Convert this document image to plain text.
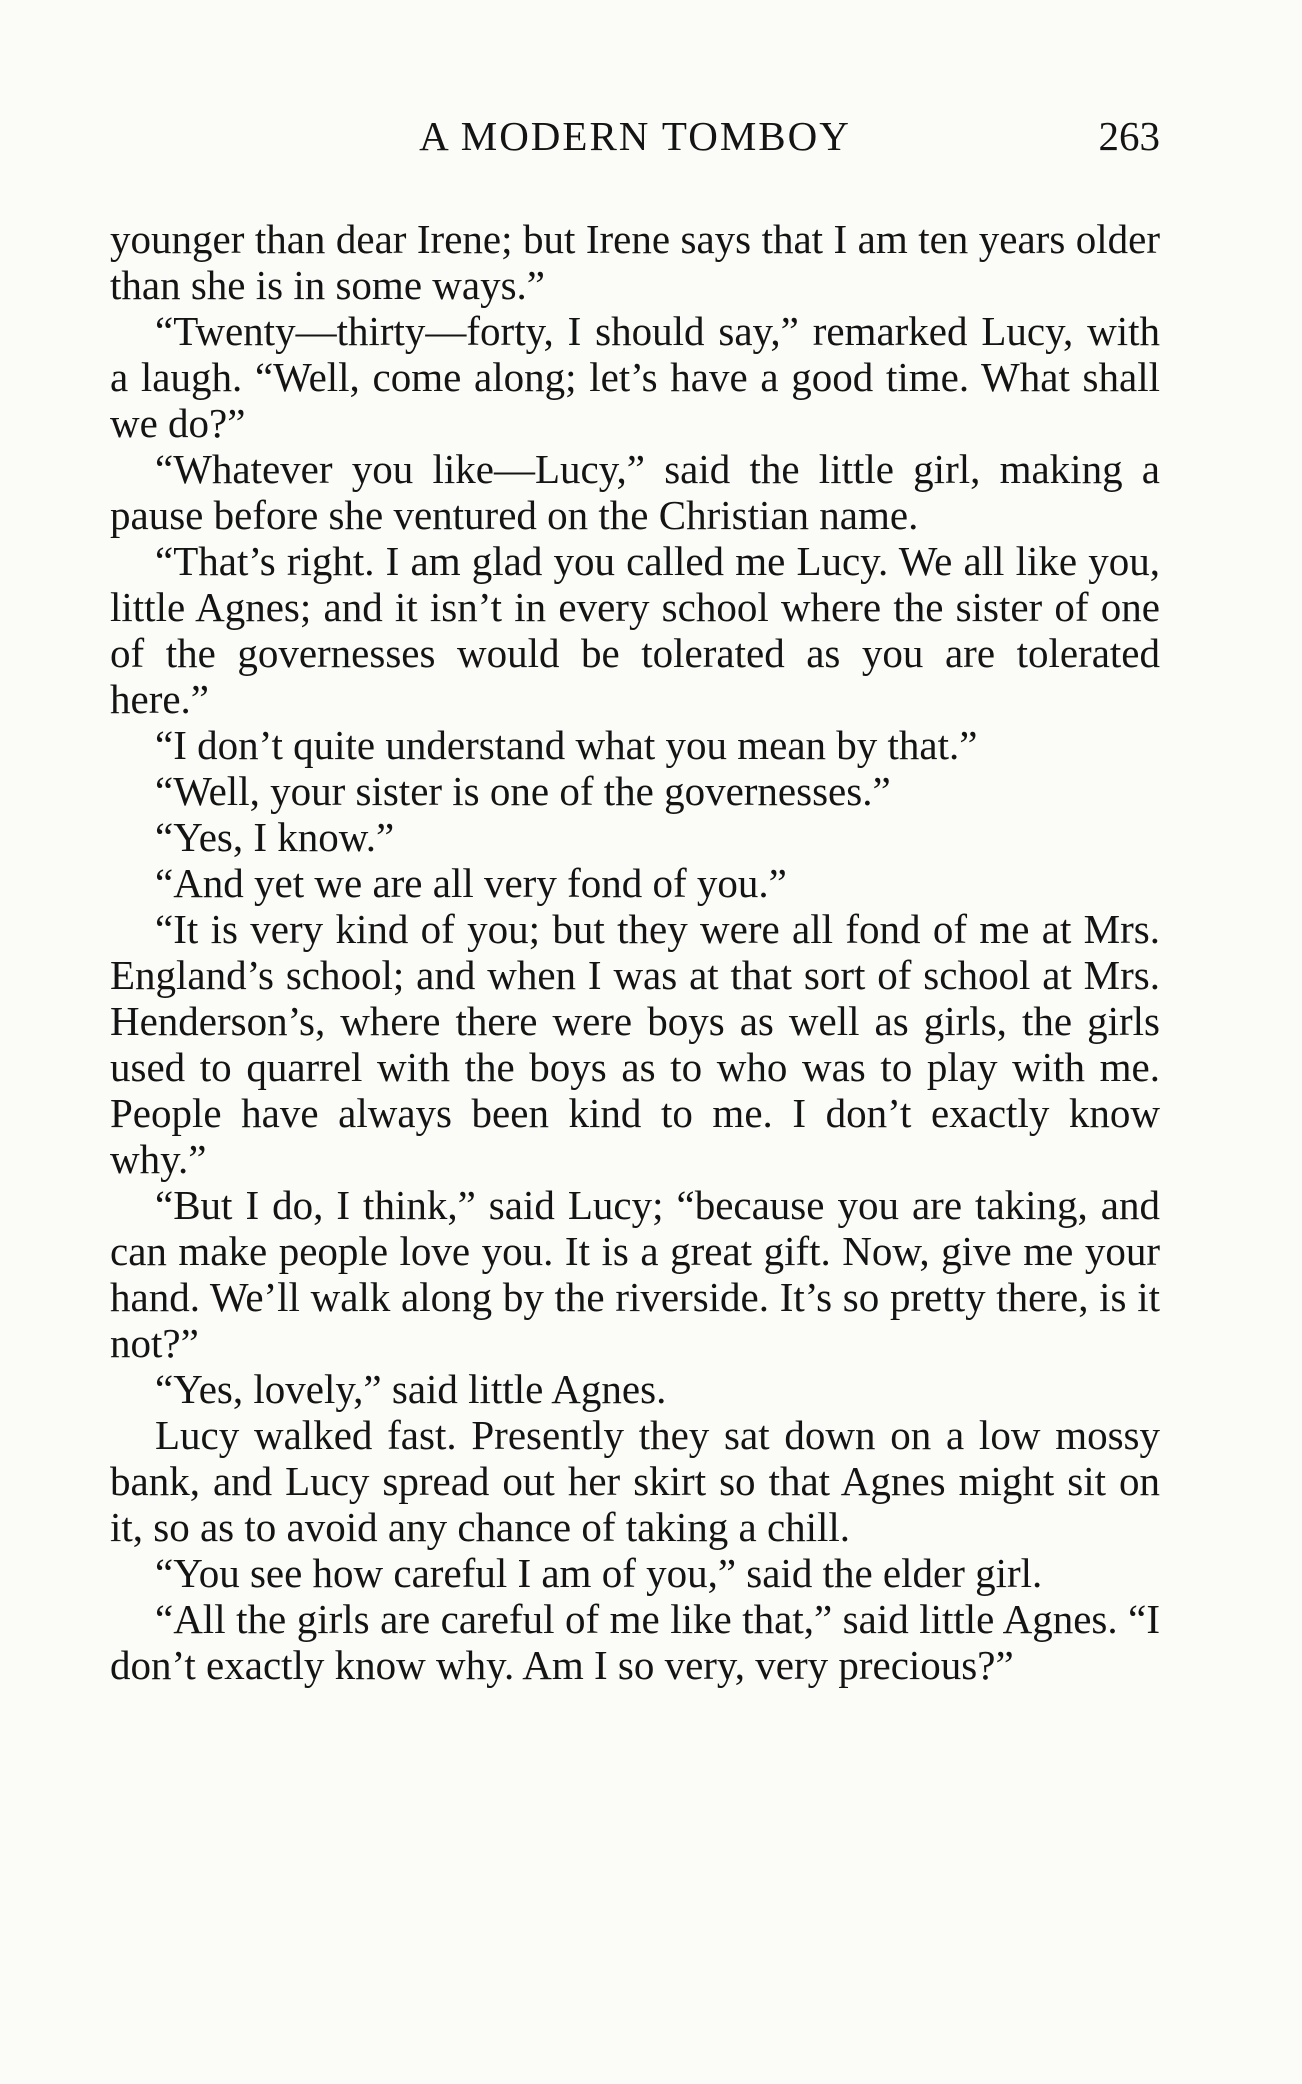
A MODERN TOMBOY	263

younger than dear Irene; but Irene says that I am ten years older than she is in some ways.”

“Twenty—thirty—forty, I should say,” remarked Lucy, with a laugh. “Well, come along; let’s have a good time. What shall we do?”

“Whatever you like—Lucy,” said the little girl, making a pause before she ventured on the Christian name.

“That’s right. I am glad you called me Lucy. We all like you, little Agnes; and it isn’t in every school where the sister of one of the governesses would be tolerated as you are tolerated here.”

“I don’t quite understand what you mean by that.”

“Well, your sister is one of the governesses.”

“Yes, I know.”

“And yet we are all very fond of you.”

“It is very kind of you; but they were all fond of me at Mrs. England’s school; and when I was at that sort of school at Mrs. Henderson’s, where there were boys as well as girls, the girls used to quarrel with the boys as to who was to play with me. People have always been kind to me. I don’t exactly know why.”

“But I do, I think,” said Lucy; “because you are taking, and can make people love you. It is a great gift. Now, give me your hand. We’ll walk along by the riverside. It’s so pretty there, is it not?”

“Yes, lovely,” said little Agnes.

Lucy walked fast. Presently they sat down on a low mossy bank, and Lucy spread out her skirt so that Agnes might sit on it, so as to avoid any chance of taking a chill.

“You see how careful I am of you,” said the elder girl.

“All the girls are careful of me like that,” said little Agnes. “I don’t exactly know why. Am I so very, very precious?”
